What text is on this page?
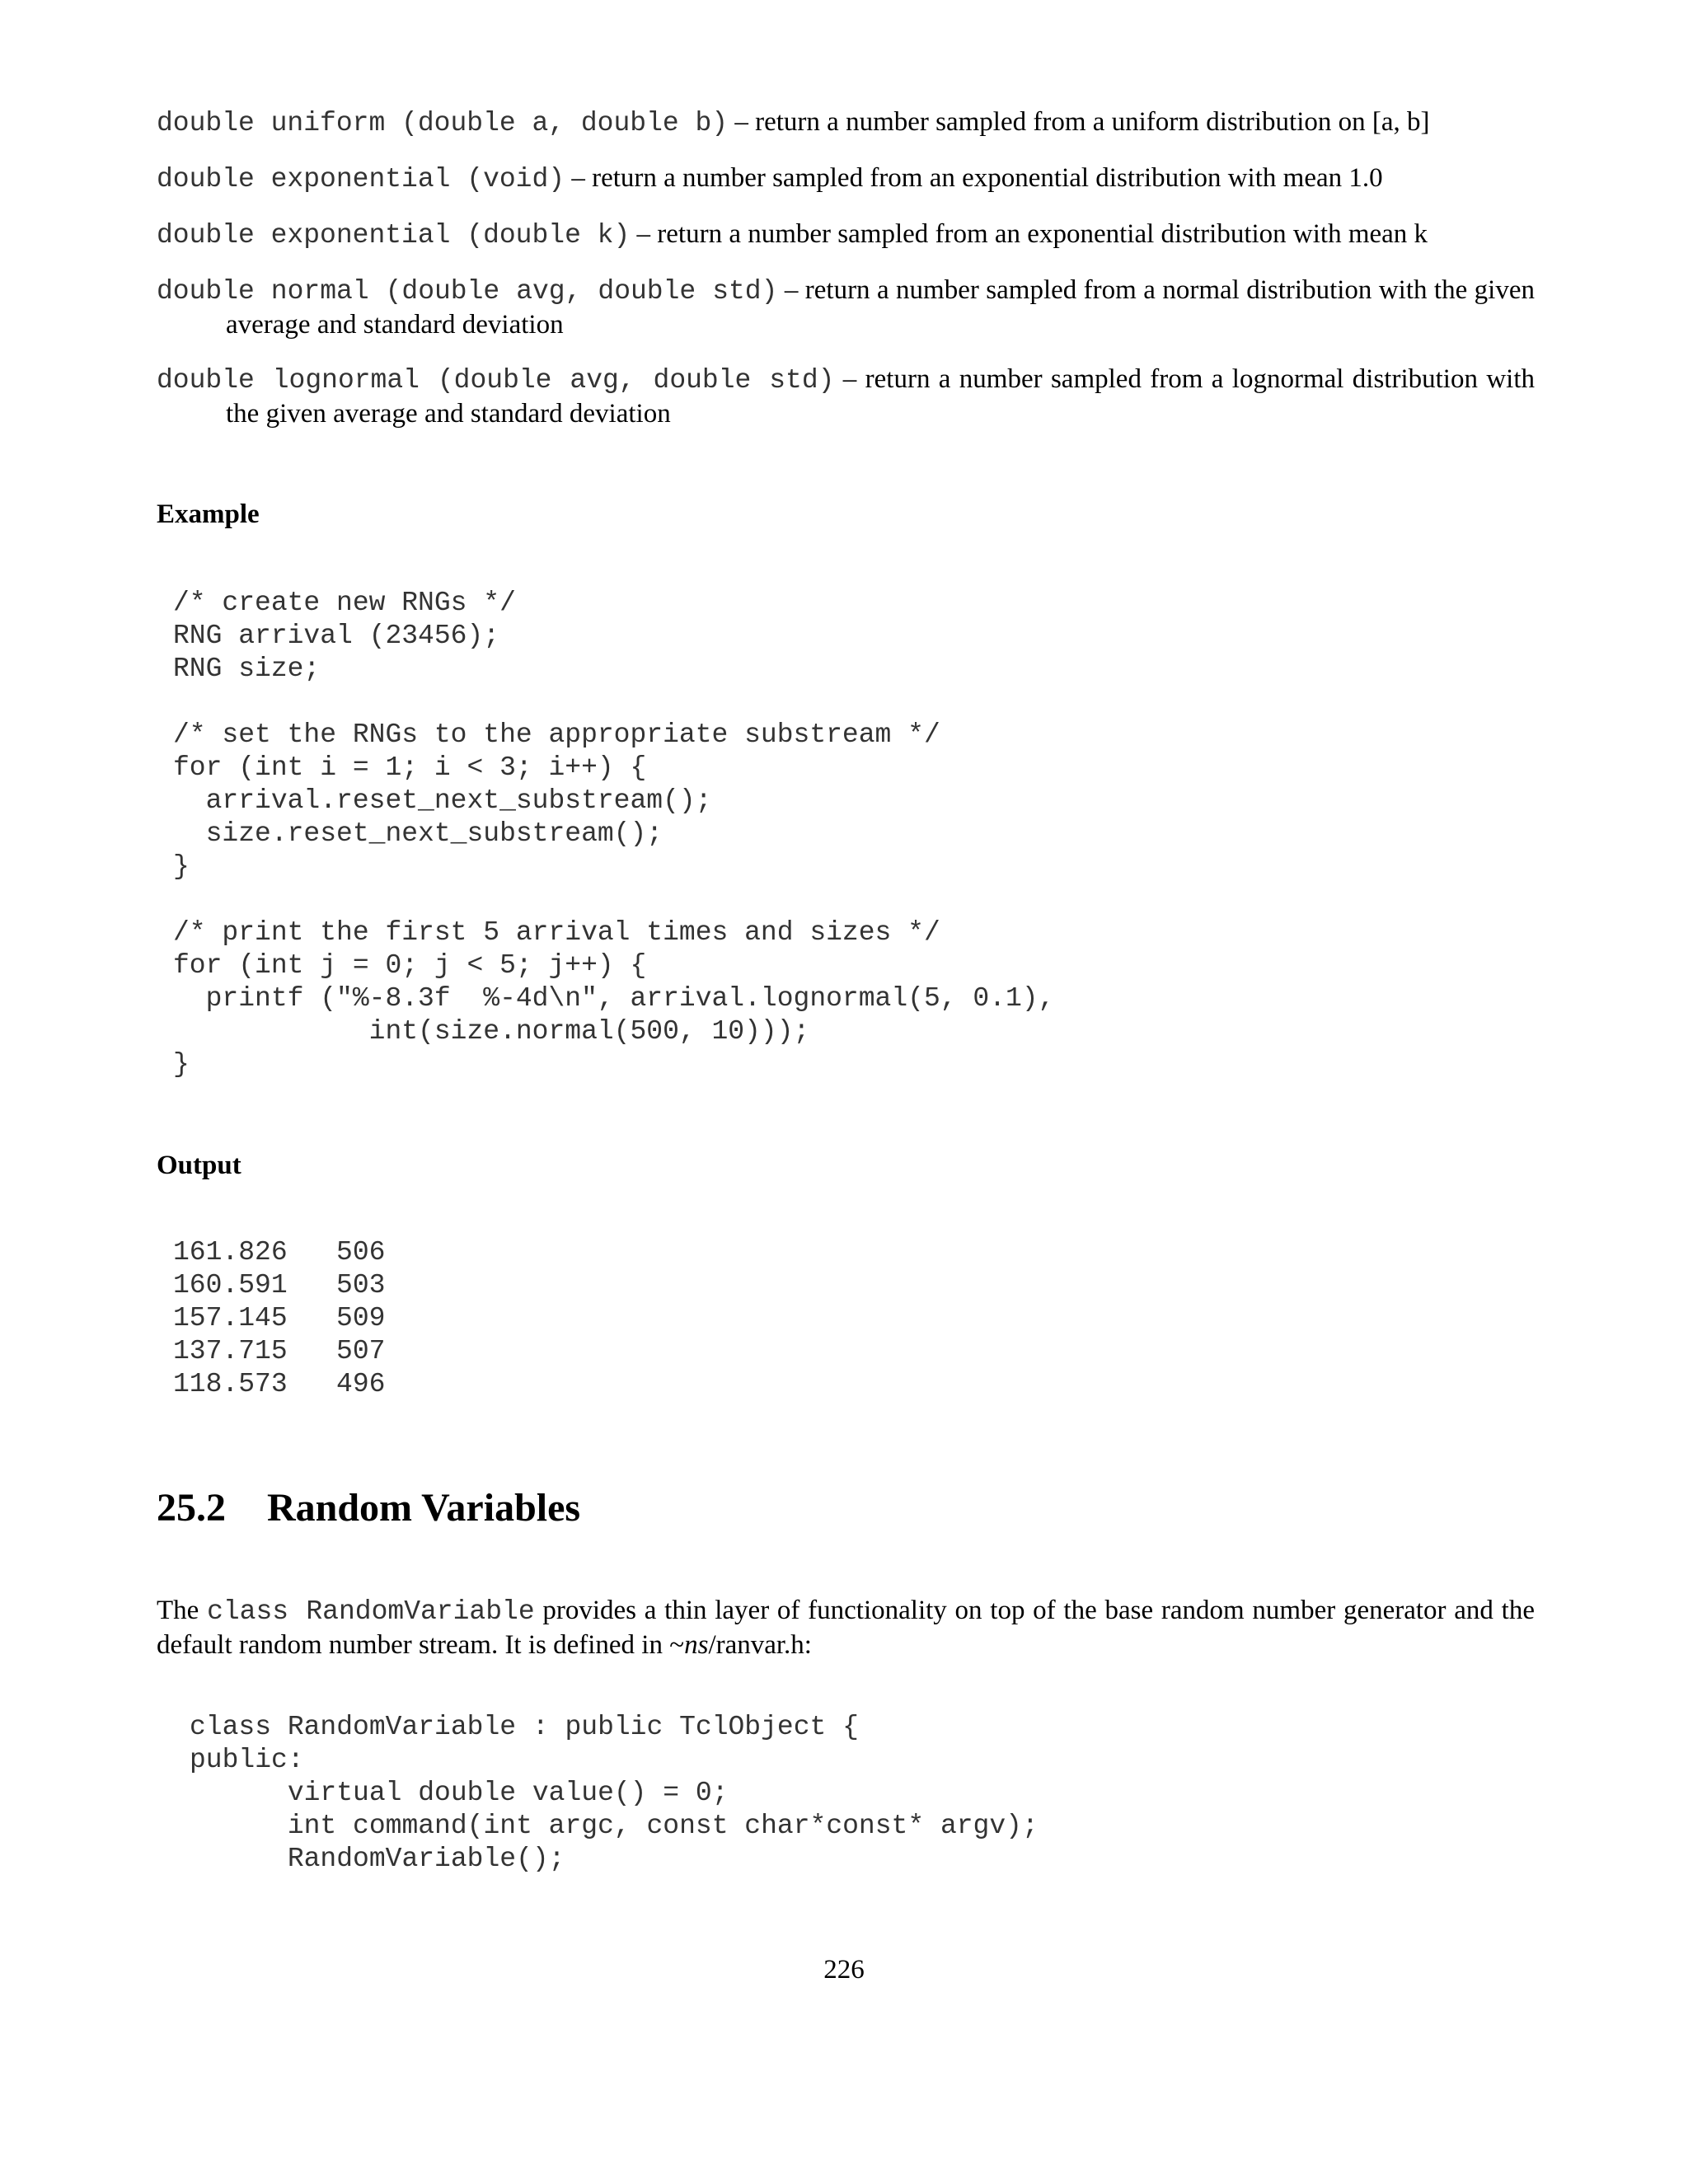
double uniform (double a, double b) – return a number sampled from a uniform distribution on [a, b]

double exponential (void) – return a number sampled from an exponential distribution with mean 1.0

double exponential (double k) – return a number sampled from an exponential distribution with mean k

double normal (double avg, double std) – return a number sampled from a normal distribution with the given average and standard deviation

double lognormal (double avg, double std) – return a number sampled from a lognormal distribution with the given average and standard deviation

Example
/* create new RNGs */
RNG arrival (23456);
RNG size;

/* set the RNGs to the appropriate substream */
for (int i = 1; i < 3; i++) {
arrival.reset_next_substream();
size.reset_next_substream();
}

/* print the first 5 arrival times and sizes */
for (int j = 0; j < 5; j++) {
printf ("%-8.3f  %-4d\n", arrival.lognormal(5, 0.1),
int(size.normal(500, 10)));
}
Output
161.826   506
160.591   503
157.145   509
137.715   507
118.573   496
25.2 Random Variables

The class RandomVariable provides a thin layer of functionality on top of the base random number generator and the default random number stream. It is defined in ~ns/ranvar.h:

class RandomVariable : public TclObject {
public:
virtual double value() = 0;
int command(int argc, const char*const* argv);
RandomVariable();
226
